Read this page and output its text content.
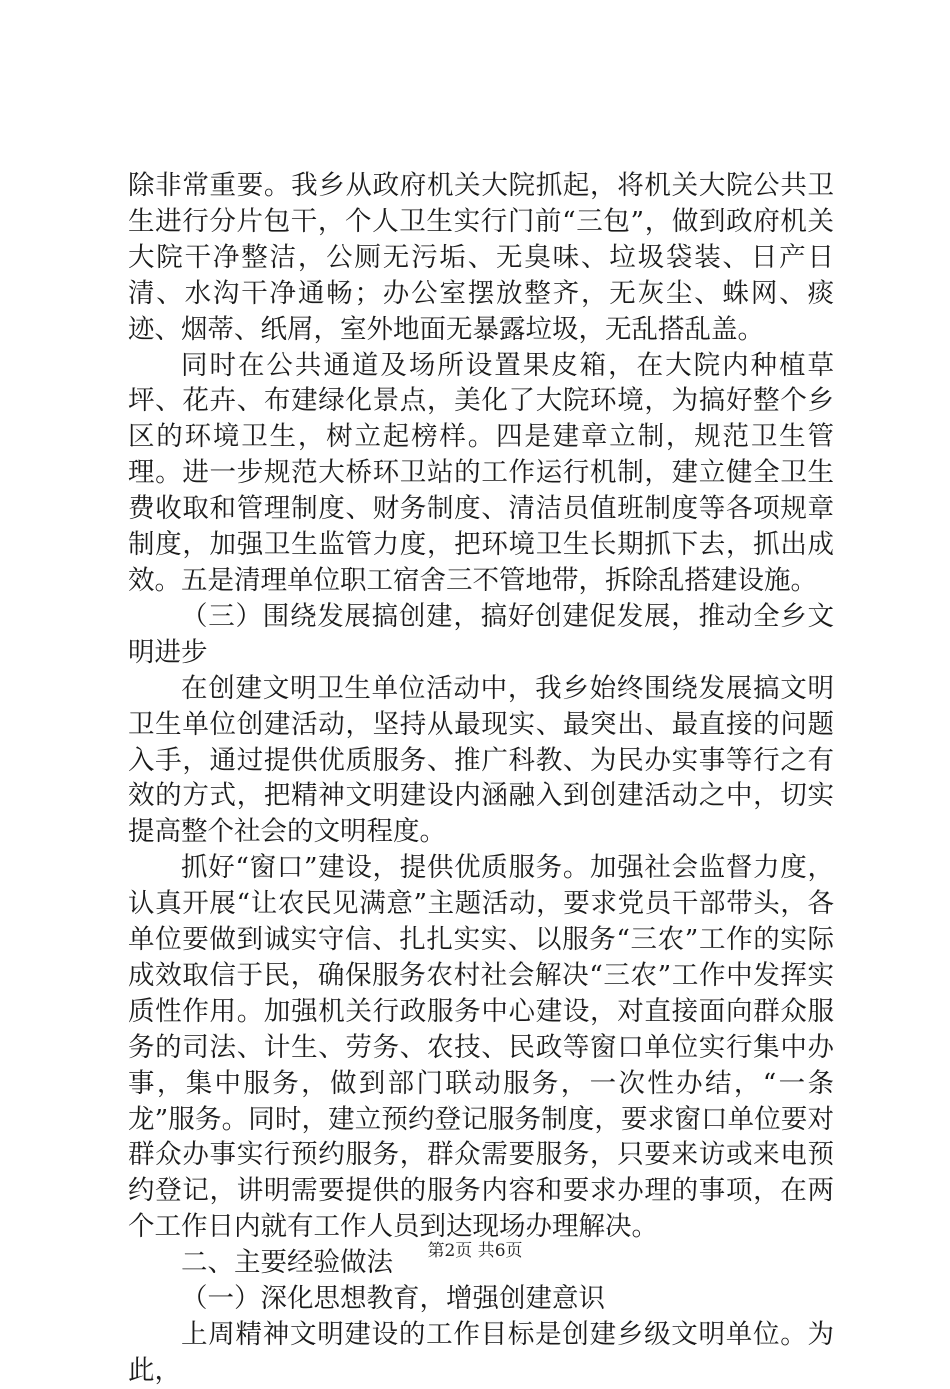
除非常重要。我乡从政府机关大院抓起，将机关大院公共卫生进行分片包干，个人卫生实行门前“三包”，做到政府机关大院干净整洁，公厕无污垢、无臭味、垃圾袋装、日产日清、水沟干净通畅；办公室摆放整齐，无灰尘、蛛网、痰迹、烟蒂、纸屑，室外地面无暴露垃圾，无乱搭乱盖。

同时在公共通道及场所设置果皮箱，在大院内种植草坪、花卉、布建绿化景点，美化了大院环境，为搞好整个乡区的环境卫生，树立起榜样。四是建章立制，规范卫生管理。进一步规范大桥环卫站的工作运行机制，建立健全卫生费收取和管理制度、财务制度、清洁员值班制度等各项规章制度，加强卫生监管力度，把环境卫生长期抓下去，抓出成效。五是清理单位职工宿舍三不管地带，拆除乱搭建设施。

（三）围绕发展搞创建，搞好创建促发展，推动全乡文明进步

在创建文明卫生单位活动中，我乡始终围绕发展搞文明卫生单位创建活动，坚持从最现实、最突出、最直接的问题入手，通过提供优质服务、推广科教、为民办实事等行之有效的方式，把精神文明建设内涵融入到创建活动之中，切实提高整个社会的文明程度。

抓好“窗口”建设，提供优质服务。加强社会监督力度，认真开展“让农民见满意”主题活动，要求党员干部带头，各单位要做到诚实守信、扎扎实实、以服务“三农”工作的实际成效取信于民，确保服务农村社会解决“三农”工作中发挥实质性作用。加强机关行政服务中心建设，对直接面向群众服务的司法、计生、劳务、农技、民政等窗口单位实行集中办事，集中服务，做到部门联动服务，一次性办结，“一条龙”服务。同时，建立预约登记服务制度，要求窗口单位要对群众办事实行预约服务，群众需要服务，只要来访或来电预约登记，讲明需要提供的服务内容和要求办理的事项，在两个工作日内就有工作人员到达现场办理解决。

二、主要经验做法

（一）深化思想教育，增强创建意识

上周精神文明建设的工作目标是创建乡级文明单位。为此，

第2页 共6页
